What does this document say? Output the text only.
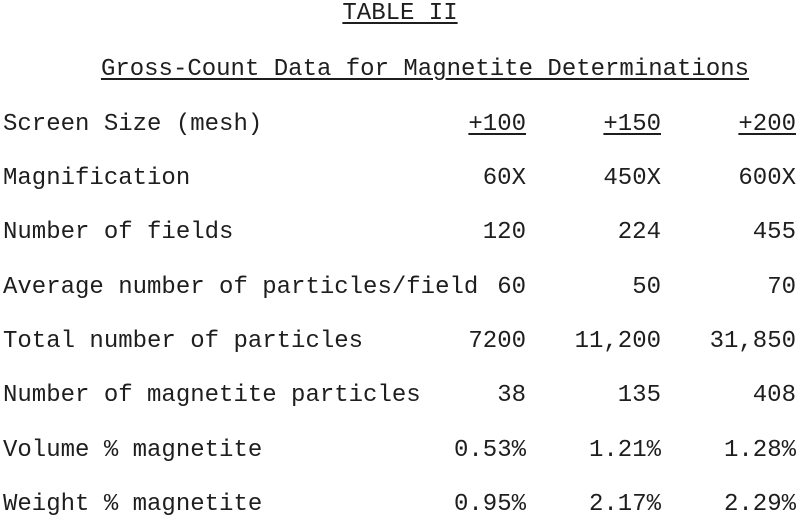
TABLE II
Gross-Count Data for Magnetite Determinations
Screen Size (mesh)	+100	+150	+200
Magnification	60X	450X	600X
Number of fields	120	224	455
Average number of particles/field 60	50	70
Total number of particles	7200	11,200	31,850
Number of magnetite particles	38	135	408
Volume % magnetite	0.53%	1.21%	1.28%
Weight % magnetite	0.95%	2.17%	2.29%
